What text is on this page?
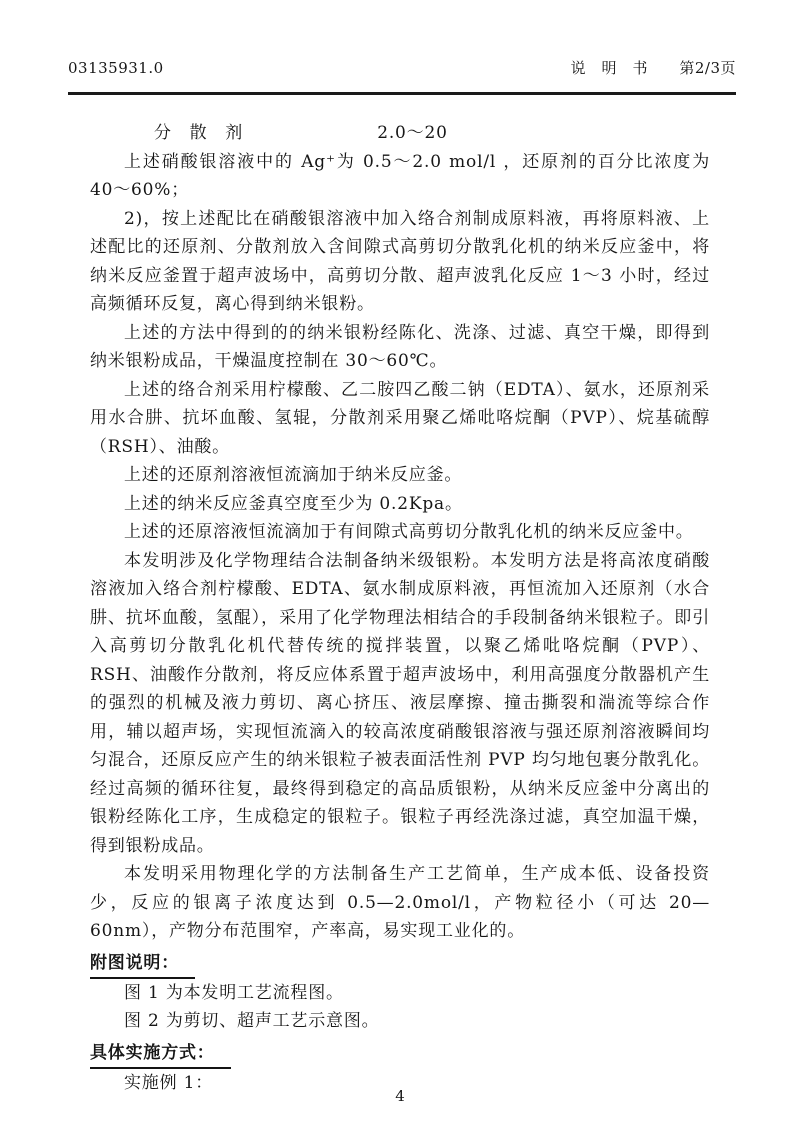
03135931.0	说　明　书 第2/3页

分　散　剂	2.0～20

上述硝酸银溶液中的 Ag⁺为 0.5～2.0 mol/l ，还原剂的百分比浓度为 40～60%；

2)，按上述配比在硝酸银溶液中加入络合剂制成原料液，再将原料液、上述配比的还原剂、分散剂放入含间隙式高剪切分散乳化机的纳米反应釜中，将纳米反应釜置于超声波场中，高剪切分散、超声波乳化反应 1～3 小时，经过高频循环反复，离心得到纳米银粉。

上述的方法中得到的的纳米银粉经陈化、洗涤、过滤、真空干燥，即得到纳米银粉成品，干燥温度控制在 30～60℃。

上述的络合剂采用柠檬酸、乙二胺四乙酸二钠（EDTA）、氨水，还原剂采用水合肼、抗坏血酸、氢辊，分散剂采用聚乙烯吡咯烷酮（PVP）、烷基硫醇（RSH）、油酸。

上述的还原剂溶液恒流滴加于纳米反应釜。

上述的纳米反应釜真空度至少为 0.2Kpa。

上述的还原溶液恒流滴加于有间隙式高剪切分散乳化机的纳米反应釜中。

本发明涉及化学物理结合法制备纳米级银粉。本发明方法是将高浓度硝酸溶液加入络合剂柠檬酸、EDTA、氨水制成原料液，再恒流加入还原剂（水合肼、抗坏血酸，氢醌），采用了化学物理法相结合的手段制备纳米银粒子。即引入高剪切分散乳化机代替传统的搅拌装置，以聚乙烯吡咯烷酮（PVP）、RSH、油酸作分散剂，将反应体系置于超声波场中，利用高强度分散器机产生的强烈的机械及液力剪切、离心挤压、液层摩擦、撞击撕裂和湍流等综合作用，辅以超声场，实现恒流滴入的较高浓度硝酸银溶液与强还原剂溶液瞬间均匀混合，还原反应产生的纳米银粒子被表面活性剂 PVP 均匀地包裹分散乳化。经过高频的循环往复，最终得到稳定的高品质银粉，从纳米反应釜中分离出的银粉经陈化工序，生成稳定的银粒子。银粒子再经洗涤过滤，真空加温干燥，得到银粉成品。

本发明采用物理化学的方法制备生产工艺简单，生产成本低、设备投资少，反应的银离子浓度达到 0.5—2.0mol/l，产物粒径小（可达 20—60nm），产物分布范围窄，产率高，易实现工业化的。

附图说明：

图 1 为本发明工艺流程图。

图 2 为剪切、超声工艺示意图。

具体实施方式：

实施例 1：

4
